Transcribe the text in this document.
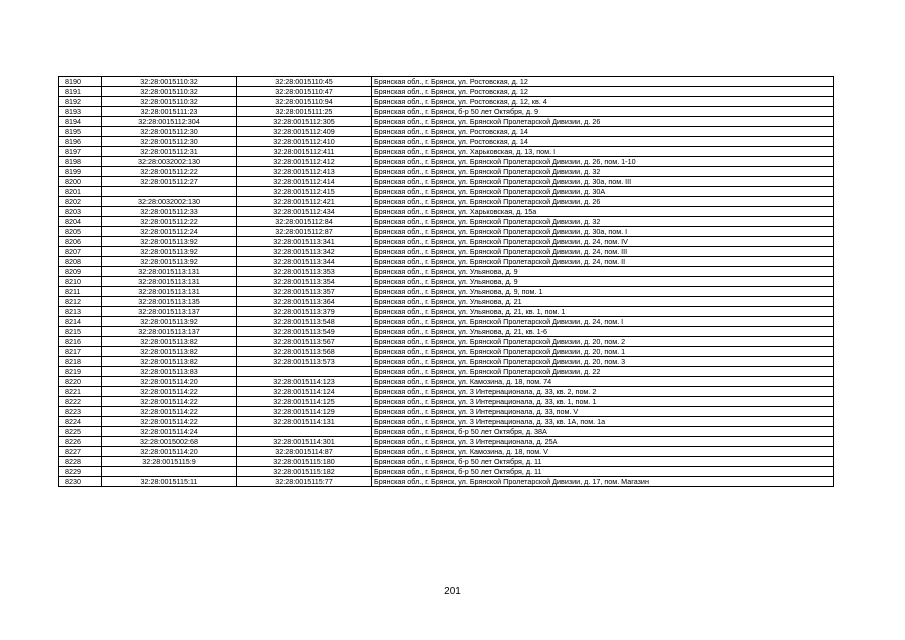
8190	32:28:0015110:32	32:28:0015110:45	Брянская обл., г. Брянск, ул. Ростовская, д. 12
8191	32:28:0015110:32	32:28:0015110:47	Брянская обл., г. Брянск, ул. Ростовская, д. 12
8192	32:28:0015110:32	32:28:0015110:94	Брянская обл., г. Брянск, ул. Ростовская, д. 12, кв. 4
8193	32:28:0015111:23	32:28:0015111:25	Брянская обл., г. Брянск, б-р 50 лет Октября, д. 9
8194	32:28:0015112:304	32:28:0015112:305	Брянская обл., г. Брянск, ул. Брянской Пролетарской Дивизии, д. 26
8195	32:28:0015112:30	32:28:0015112:409	Брянская обл., г. Брянск, ул. Ростовская, д. 14
8196	32:28:0015112:30	32:28:0015112:410	Брянская обл., г. Брянск, ул. Ростовская, д. 14
8197	32:28:0015112:31	32:28:0015112:411	Брянская обл., г. Брянск, ул. Харьковская, д. 13, пом. I
8198	32:28:0032002:130	32:28:0015112:412	Брянская обл., г. Брянск, ул. Брянской Пролетарской Дивизии, д. 26, пом. 1-10
8199	32:28:0015112:22	32:28:0015112:413	Брянская обл., г. Брянск, ул. Брянской Пролетарской Дивизии, д. 32
8200	32:28:0015112:27	32:28:0015112:414	Брянская обл., г. Брянск, ул. Брянской Пролетарской Дивизии, д. 30а, пом. III
8201		32:28:0015112:415	Брянская обл., г. Брянск, ул. Брянской Пролетарской Дивизии, д. 30А
8202	32:28:0032002:130	32:28:0015112:421	Брянская обл., г. Брянск, ул. Брянской Пролетарской Дивизии, д. 26
8203	32:28:0015112:33	32:28:0015112:434	Брянская обл., г. Брянск, ул. Харьковская, д. 15а
8204	32:28:0015112:22	32:28:0015112:84	Брянская обл., г. Брянск, ул. Брянской Пролетарской Дивизии, д. 32
8205	32:28:0015112:24	32:28:0015112:87	Брянская обл., г. Брянск, ул. Брянской Пролетарской Дивизии, д. 30а, пом. I
8206	32:28:0015113:92	32:28:0015113:341	Брянская обл., г. Брянск, ул. Брянской Пролетарской Дивизии, д. 24, пом. IV
8207	32:28:0015113:92	32:28:0015113:342	Брянская обл., г. Брянск, ул. Брянской Пролетарской Дивизии, д. 24, пом. III
8208	32:28:0015113:92	32:28:0015113:344	Брянская обл., г. Брянск, ул. Брянской Пролетарской Дивизии, д. 24, пом. II
8209	32:28:0015113:131	32:28:0015113:353	Брянская обл., г. Брянск, ул. Ульянова, д. 9
8210	32:28:0015113:131	32:28:0015113:354	Брянская обл., г. Брянск, ул. Ульянова, д. 9
8211	32:28:0015113:131	32:28:0015113:357	Брянская обл., г. Брянск, ул. Ульянова, д. 9, пом. 1
8212	32:28:0015113:135	32:28:0015113:364	Брянская обл., г. Брянск, ул. Ульянова, д. 21
8213	32:28:0015113:137	32:28:0015113:379	Брянская обл., г. Брянск, ул. Ульянова, д. 21, кв. 1, пом. 1
8214	32:28:0015113:92	32:28:0015113:548	Брянская обл., г. Брянск, ул. Брянской Пролетарской Дивизии, д. 24, пом. I
8215	32:28:0015113:137	32:28:0015113:549	Брянская обл., г. Брянск, ул. Ульянова, д. 21, кв. 1-6
8216	32:28:0015113:82	32:28:0015113:567	Брянская обл., г. Брянск, ул. Брянской Пролетарской Дивизии, д. 20, пом. 2
8217	32:28:0015113:82	32:28:0015113:568	Брянская обл., г. Брянск, ул. Брянской Пролетарской Дивизии, д. 20, пом. 1
8218	32:28:0015113:82	32:28:0015113:573	Брянская обл., г. Брянск, ул. Брянской Пролетарской Дивизии, д. 20, пом. 3
8219	32:28:0015113:83		Брянская обл., г. Брянск, ул. Брянской Пролетарской Дивизии, д. 22
8220	32:28:0015114:20	32:28:0015114:123	Брянская обл., г. Брянск, ул. Камозина, д. 18, пом. 74
8221	32:28:0015114:22	32:28:0015114:124	Брянская обл., г. Брянск, ул. 3 Интернационала, д. 33, кв. 2, пом. 2
8222	32:28:0015114:22	32:28:0015114:125	Брянская обл., г. Брянск, ул. 3 Интернационала, д. 33, кв. 1, пом. 1
8223	32:28:0015114:22	32:28:0015114:129	Брянская обл., г. Брянск, ул. 3 Интернационала, д. 33, пом. V
8224	32:28:0015114:22	32:28:0015114:131	Брянская обл., г. Брянск, ул. 3 Интернационала, д. 33, кв. 1А, пом. 1а
8225	32:28:0015114:24		Брянская обл., г. Брянск, б-р 50 лет Октября, д. 38А
8226	32:28:0015002:68	32:28:0015114:301	Брянская обл., г. Брянск, ул. 3 Интернационала, д. 25А
8227	32:28:0015114:20	32:28:0015114:87	Брянская обл., г. Брянск, ул. Камозина, д. 18, пом. V
8228	32:28:0015115:9	32:28:0015115:180	Брянская обл., г. Брянск, б-р 50 лет Октября, д. 11
8229		32:28:0015115:182	Брянская обл., г. Брянск, б-р 50 лет Октября, д. 11
8230	32:28:0015115:11	32:28:0015115:77	Брянская обл., г. Брянск, ул. Брянской Пролетарской Дивизии, д. 17, пом. Магазин
201
